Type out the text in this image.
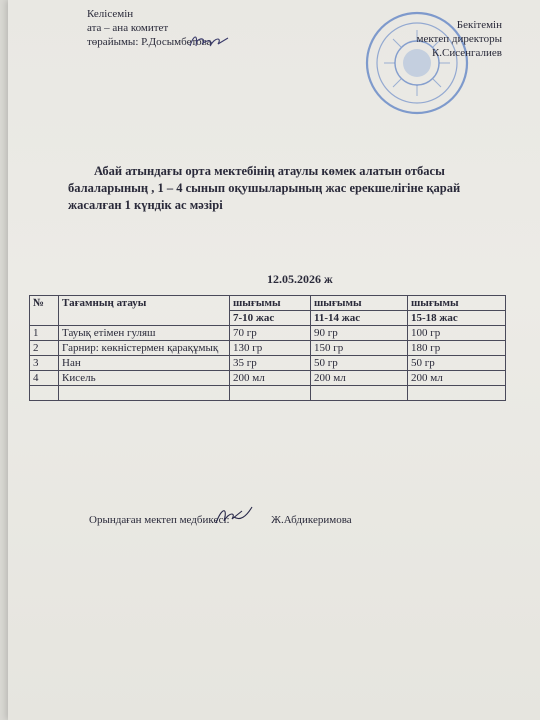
Келісемін
ата – ана комитет
төрайымы: Р.Досымбетова
Бекітемін
мектеп директоры
К.Сисенгалиев
Абай атындағы орта мектебінің атаулы көмек алатын отбасы балаларының , 1 – 4 сынып оқушыларының жас ерекшелігіне қарай жасалған 1 күндік ас мәзірі
12.05.2026 ж
№	Тағамның атауы	шығымы	шығымы	шығымы
		7-10 жас	11-14 жас	15-18 жас
1	Тауық етімен гуляш	70 гр	90 гр	100 гр
2	Гарнир: көкністермен қарақұмық	130 гр	150 гр	180 гр
3	Нан	35 гр	50 гр	50 гр
4	Кисель	200 мл	200 мл	200 мл

Орындаған мектеп медбикесі:	Ж.Абдикеримова
